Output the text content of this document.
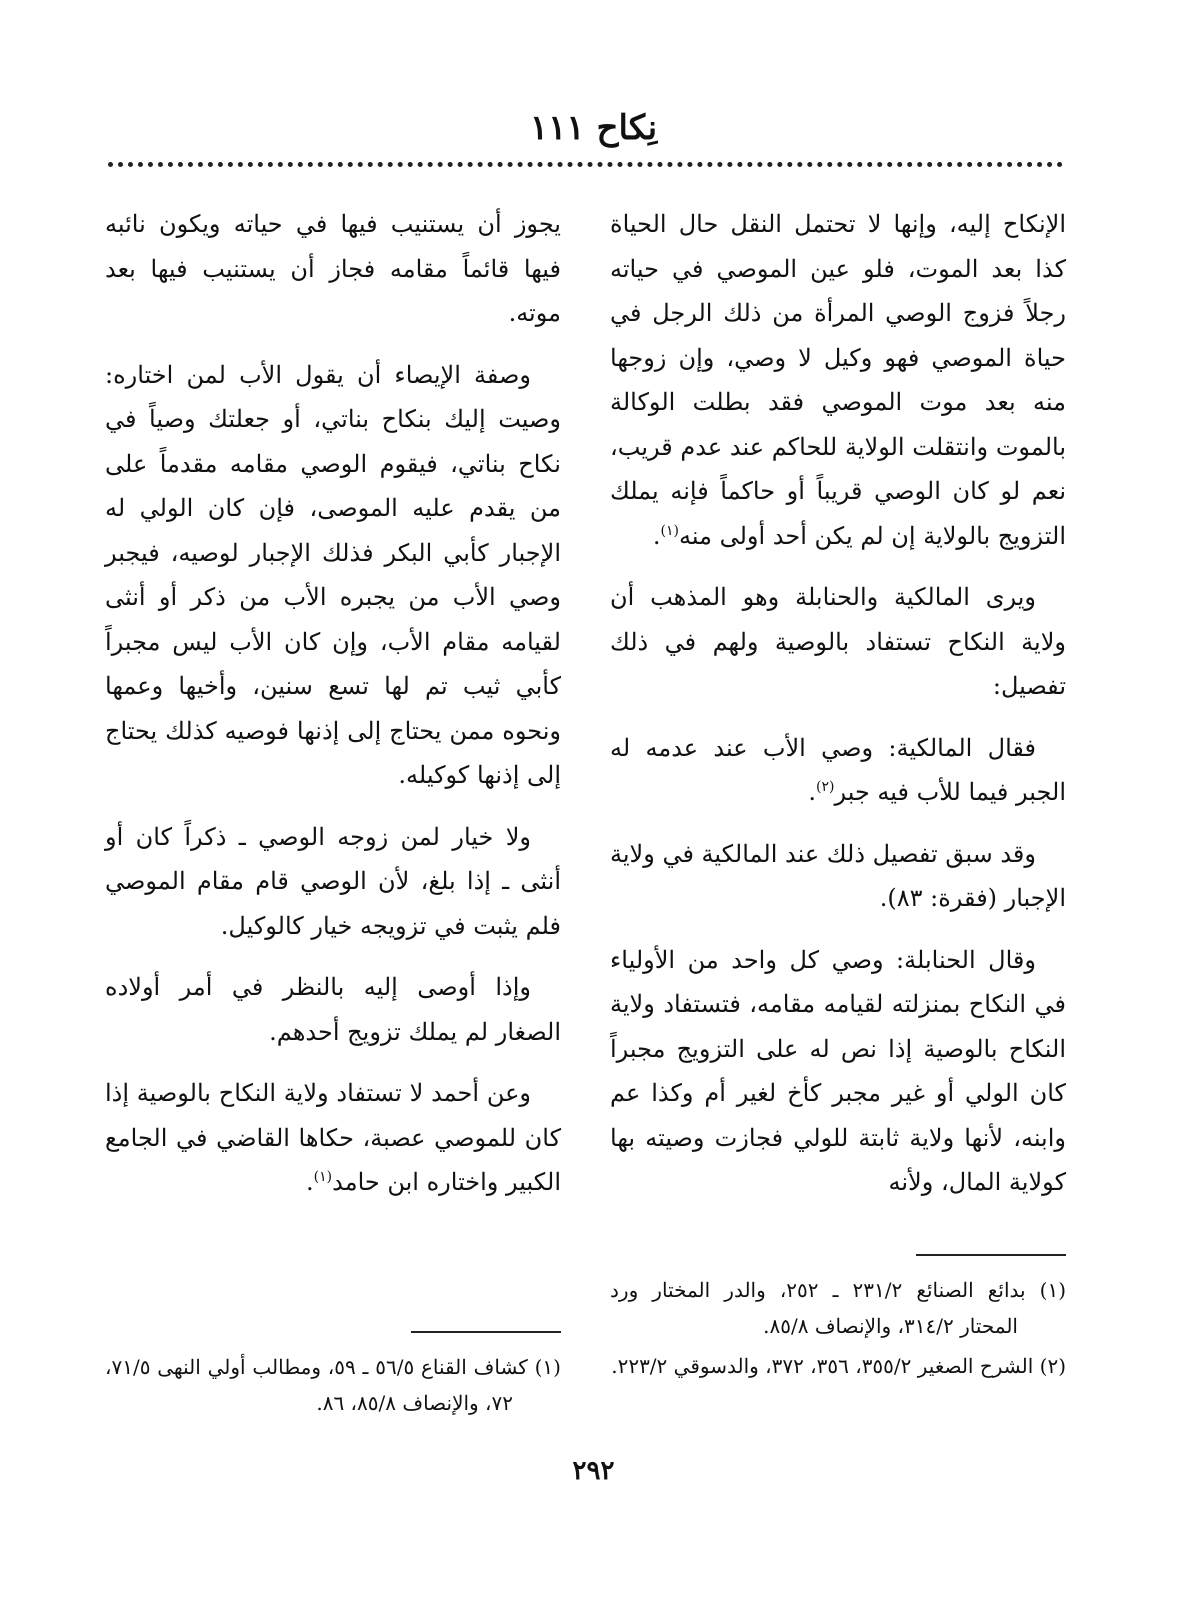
نِكاح ١١١

الإنكاح إليه، وإنها لا تحتمل النقل حال الحياة كذا بعد الموت، فلو عين الموصي في حياته رجلاً فزوج الوصي المرأة من ذلك الرجل في حياة الموصي فهو وكيل لا وصي، وإن زوجها منه بعد موت الموصي فقد بطلت الوكالة بالموت وانتقلت الولاية للحاكم عند عدم قريب، نعم لو كان الوصي قريباً أو حاكماً فإنه يملك التزويج بالولاية إن لم يكن أحد أولى منه$^{(١)}$.

ويرى المالكية والحنابلة وهو المذهب أن ولاية النكاح تستفاد بالوصية ولهم في ذلك تفصيل:

فقال المالكية: وصي الأب عند عدمه له الجبر فيما للأب فيه جبر$^{(٢)}$.

وقد سبق تفصيل ذلك عند المالكية في ولاية الإجبار (فقرة: ٨٣).

وقال الحنابلة: وصي كل واحد من الأولياء في النكاح بمنزلته لقيامه مقامه، فتستفاد ولاية النكاح بالوصية إذا نص له على التزويج مجبراً كان الولي أو غير مجبر كأخ لغير أم وكذا عم وابنه، لأنها ولاية ثابتة للولي فجازت وصيته بها كولاية المال، ولأنه

يجوز أن يستنيب فيها في حياته ويكون نائبه فيها قائماً مقامه فجاز أن يستنيب فيها بعد موته.

وصفة الإيصاء أن يقول الأب لمن اختاره: وصيت إليك بنكاح بناتي، أو جعلتك وصياً في نكاح بناتي، فيقوم الوصي مقامه مقدماً على من يقدم عليه الموصى، فإن كان الولي له الإجبار كأبي البكر فذلك الإجبار لوصيه، فيجبر وصي الأب من يجبره الأب من ذكر أو أنثى لقيامه مقام الأب، وإن كان الأب ليس مجبراً كأبي ثيب تم لها تسع سنين، وأخيها وعمها ونحوه ممن يحتاج إلى إذنها فوصيه كذلك يحتاج إلى إذنها كوكيله.

ولا خيار لمن زوجه الوصي ـ ذكراً كان أو أنثى ـ إذا بلغ، لأن الوصي قام مقام الموصي فلم يثبت في تزويجه خيار كالوكيل.

وإذا أوصى إليه بالنظر في أمر أولاده الصغار لم يملك تزويج أحدهم.

وعن أحمد لا تستفاد ولاية النكاح بالوصية إذا كان للموصي عصبة، حكاها القاضي في الجامع الكبير واختاره ابن حامد$^{(١)}$.

(١) بدائع الصنائع ٢٣١/٢ ـ ٢٥٢، والدر المختار ورد المحتار ٣١٤/٢، والإنصاف ٨٥/٨.

(٢) الشرح الصغير ٣٥٥/٢، ٣٥٦، ٣٧٢، والدسوقي ٢٢٣/٢.

(١) كشاف القناع ٥٦/٥ ـ ٥٩، ومطالب أولي النهى ٧١/٥، ٧٢، والإنصاف ٨٥/٨، ٨٦.

٢٩٢
